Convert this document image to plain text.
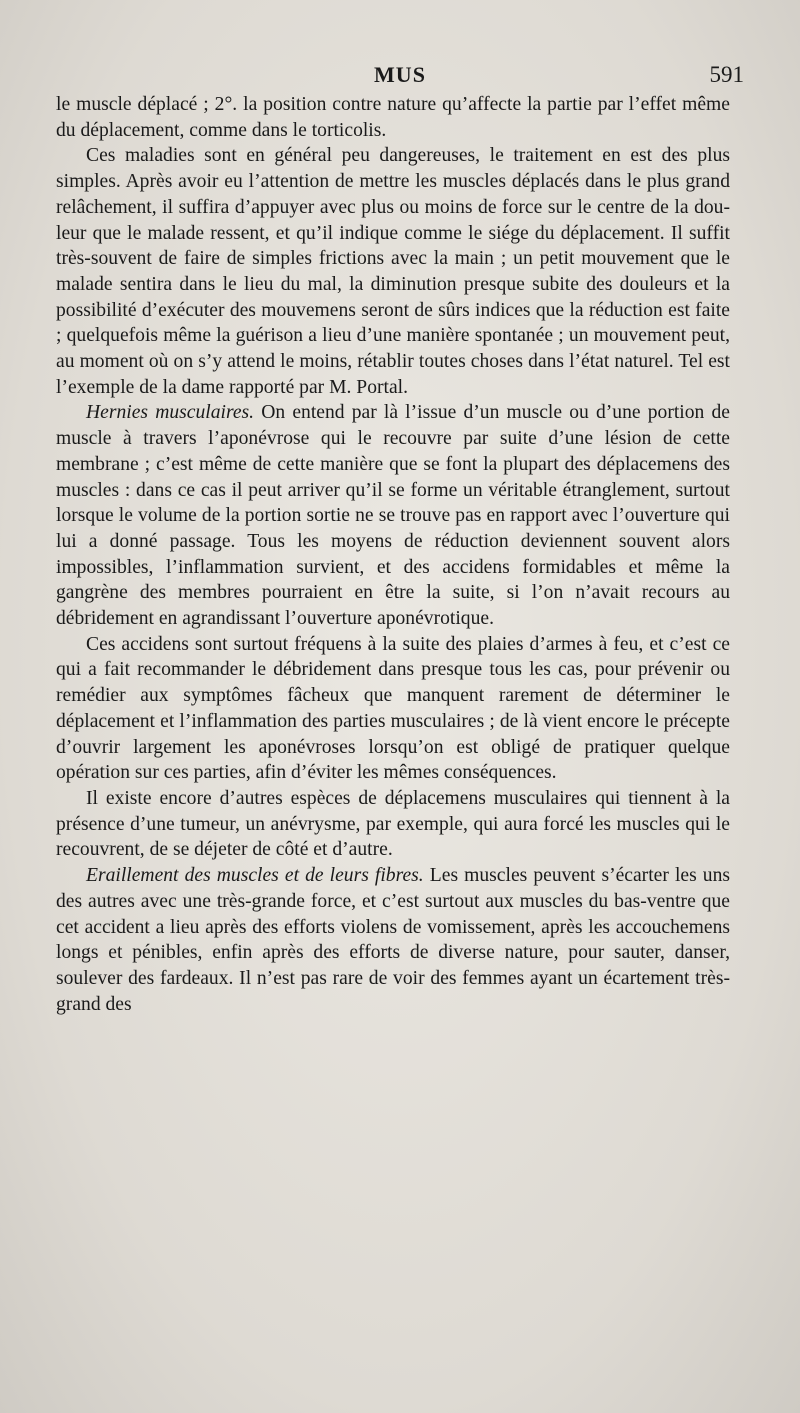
MUS	591

le muscle déplacé ; 2°. la position contre nature qu’affecte la partie par l’effet même du déplacement, comme dans le torticolis.

Ces maladies sont en général peu dangereuses, le traitement en est des plus simples. Après avoir eu l’attention de mettre les muscles déplacés dans le plus grand relâchement, il suffira d’appuyer avec plus ou moins de force sur le centre de la douleur que le malade ressent, et qu’il indique comme le siége du déplacement. Il suffit très-souvent de faire de simples frictions avec la main ; un petit mouvement que le malade sentira dans le lieu du mal, la diminution presque subite des douleurs et la possibilité d’exécuter des mouvemens seront de sûrs indices que la réduction est faite ; quelquefois même la guérison a lieu d’une manière spontanée ; un mouvement peut, au moment où on s’y attend le moins, rétablir toutes choses dans l’état naturel. Tel est l’exemple de la dame rapporté par M. Portal.

Hernies musculaires. On entend par là l’issue d’un muscle ou d’une portion de muscle à travers l’aponévrose qui le recouvre par suite d’une lésion de cette membrane ; c’est même de cette manière que se font la plupart des déplacemens des muscles : dans ce cas il peut arriver qu’il se forme un véritable étranglement, surtout lorsque le volume de la portion sortie ne se trouve pas en rapport avec l’ouverture qui lui a donné passage. Tous les moyens de réduction deviennent souvent alors impossibles, l’inflammation survient, et des accidens formidables et même la gangrène des membres pourraient en être la suite, si l’on n’avait recours au débridement en agrandissant l’ouverture aponévrotique.

Ces accidens sont surtout fréquens à la suite des plaies d’armes à feu, et c’est ce qui a fait recommander le débridement dans presque tous les cas, pour prévenir ou remédier aux symptômes fâcheux que manquent rarement de déterminer le déplacement et l’inflammation des parties musculaires ; de là vient encore le précepte d’ouvrir largement les aponévroses lorsqu’on est obligé de pratiquer quelque opération sur ces parties, afin d’éviter les mêmes conséquences.

Il existe encore d’autres espèces de déplacemens musculaires qui tiennent à la présence d’une tumeur, un anévrysme, par exemple, qui aura forcé les muscles qui le recouvrent, de se déjeter de côté et d’autre.

Eraillement des muscles et de leurs fibres. Les muscles peuvent s’écarter les uns des autres avec une très-grande force, et c’est surtout aux muscles du bas-ventre que cet accident a lieu après des efforts violens de vomissement, après les accouchemens longs et pénibles, enfin après des efforts de diverse nature, pour sauter, danser, soulever des fardeaux. Il n’est pas rare de voir des femmes ayant un écartement très-grand des
